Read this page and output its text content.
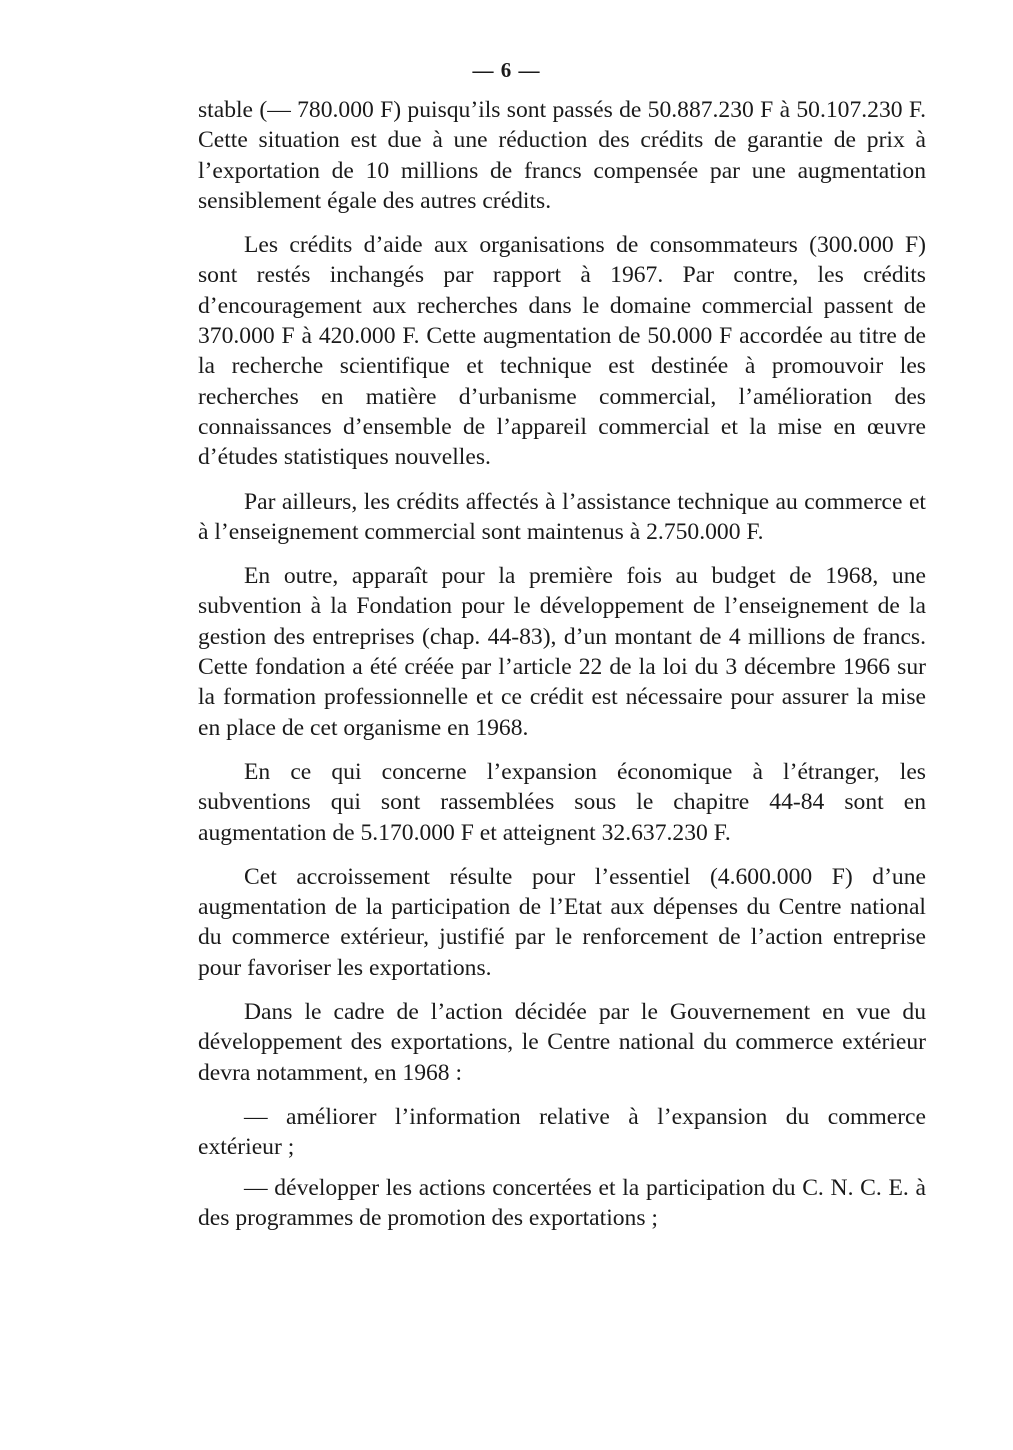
— 6 —

stable (— 780.000 F) puisqu’ils sont passés de 50.887.230 F à 50.107.230 F. Cette situation est due à une réduction des crédits de garantie de prix à l’exportation de 10 millions de francs compensée par une augmentation sensiblement égale des autres crédits.

Les crédits d’aide aux organisations de consommateurs (300.000 F) sont restés inchangés par rapport à 1967. Par contre, les crédits d’encouragement aux recherches dans le domaine commercial passent de 370.000 F à 420.000 F. Cette augmentation de 50.000 F accordée au titre de la recherche scientifique et technique est destinée à promouvoir les recherches en matière d’urbanisme commercial, l’amélioration des connaissances d’ensemble de l’appareil commercial et la mise en œuvre d’études statistiques nouvelles.

Par ailleurs, les crédits affectés à l’assistance technique au commerce et à l’enseignement commercial sont maintenus à 2.750.000 F.

En outre, apparaît pour la première fois au budget de 1968, une subvention à la Fondation pour le développement de l’enseignement de la gestion des entreprises (chap. 44-83), d’un montant de 4 millions de francs. Cette fondation a été créée par l’article 22 de la loi du 3 décembre 1966 sur la formation professionnelle et ce crédit est nécessaire pour assurer la mise en place de cet organisme en 1968.

En ce qui concerne l’expansion économique à l’étranger, les subventions qui sont rassemblées sous le chapitre 44-84 sont en augmentation de 5.170.000 F et atteignent 32.637.230 F.

Cet accroissement résulte pour l’essentiel (4.600.000 F) d’une augmentation de la participation de l’Etat aux dépenses du Centre national du commerce extérieur, justifié par le renforcement de l’action entreprise pour favoriser les exportations.

Dans le cadre de l’action décidée par le Gouvernement en vue du développement des exportations, le Centre national du commerce extérieur devra notamment, en 1968 :

— améliorer l’information relative à l’expansion du commerce extérieur ;

— développer les actions concertées et la participation du C. N. C. E. à des programmes de promotion des exportations ;
